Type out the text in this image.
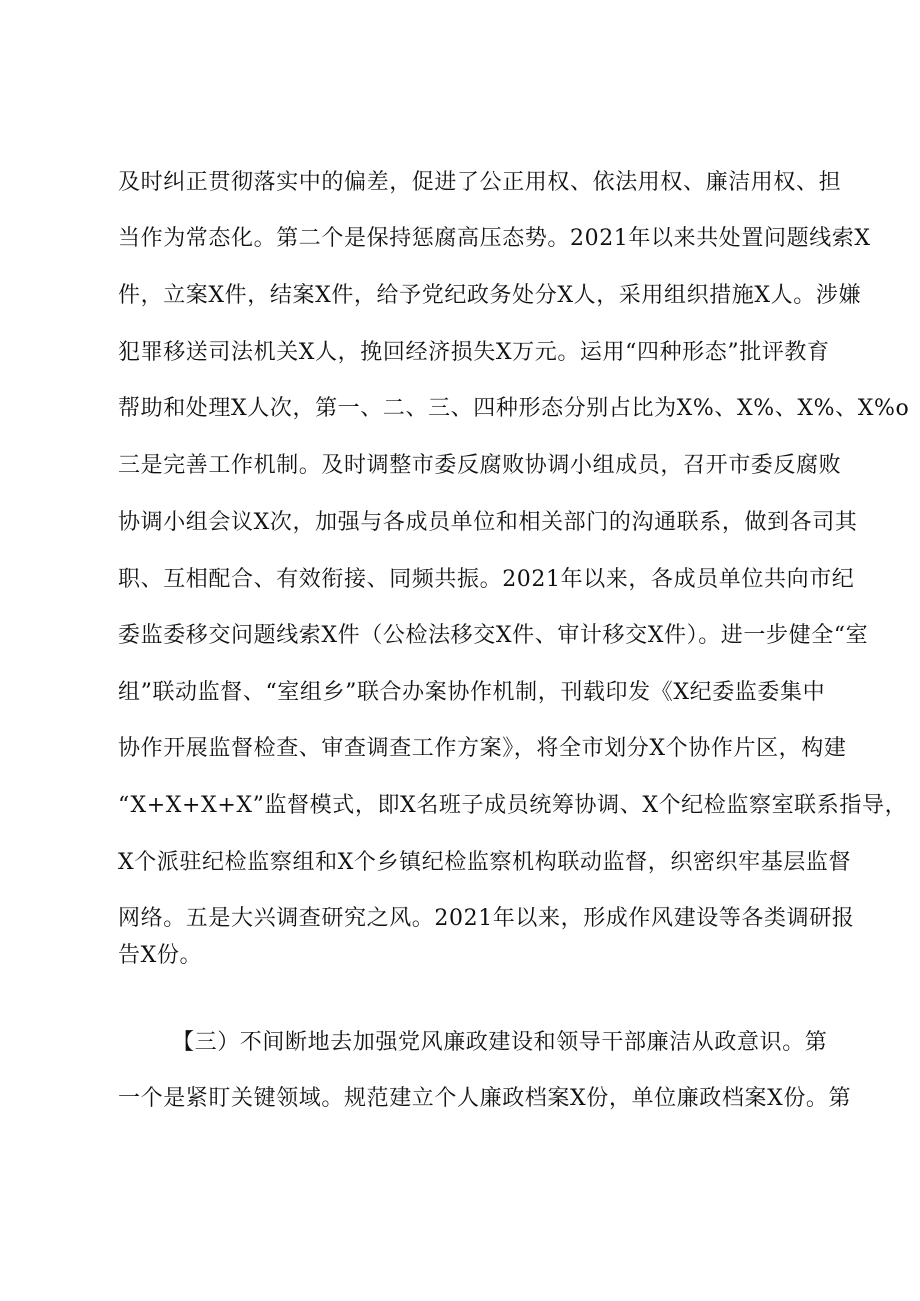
及时纠正贯彻落实中的偏差，促进了公正用权、依法用权、廉洁用权、担
当作为常态化。第二个是保持惩腐高压态势。2021年以来共处置问题线索X
件，立案X件，结案X件，给予党纪政务处分X人，采用组织措施X人。涉嫌
犯罪移送司法机关X人，挽回经济损失X万元。运用“四种形态”批评教育
帮助和处理X人次，第一、二、三、四种形态分别占比为X%、X%、X%、X%o
三是完善工作机制。及时调整市委反腐败协调小组成员，召开市委反腐败
协调小组会议X次，加强与各成员单位和相关部门的沟通联系，做到各司其
职、互相配合、有效衔接、同频共振。2021年以来，各成员单位共向市纪
委监委移交问题线索X件（公检法移交X件、审计移交X件）。进一步健全“室
组”联动监督、“室组乡”联合办案协作机制，刊载印发《X纪委监委集中
协作开展监督检查、审查调查工作方案》，将全市划分X个协作片区，构建
“X+X+X+X”监督模式，即X名班子成员统筹协调、X个纪检监察室联系指导，
X个派驻纪检监察组和X个乡镇纪检监察机构联动监督，织密织牢基层监督
网络。五是大兴调查研究之风。2021年以来，形成作风建设等各类调研报
告X份。
【三）不间断地去加强党风廉政建设和领导干部廉洁从政意识。第
一个是紧盯关键领域。规范建立个人廉政档案X份，单位廉政档案X份。第
